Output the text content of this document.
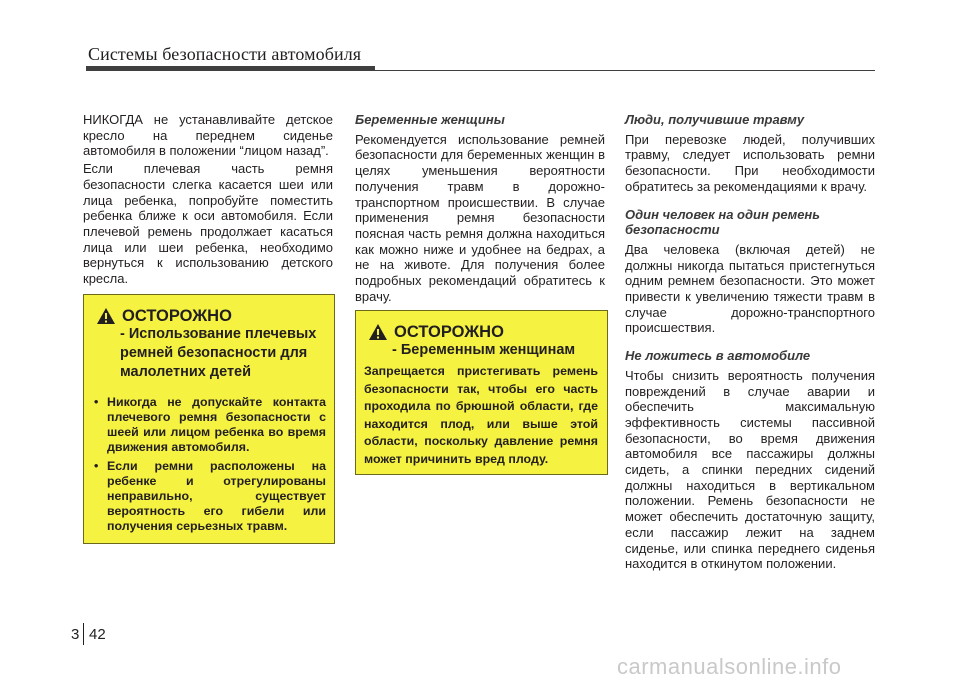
Системы безопасности автомобиля

НИКОГДА не устанавливайте детское кресло на переднем сиденье автомобиля в положении “лицом назад”.

Если плечевая часть ремня безопасности слегка касается шеи или лица ребенка, попробуйте поместить ребенка ближе к оси автомобиля. Если плечевой ремень продолжает касаться лица или шеи ребенка, необходимо вернуться к использованию детского кресла.

ОСТОРОЖНО
- Использование плечевых ремней безопасности для малолетних детей
• Никогда не допускайте контакта плечевого ремня безопасности с шеей или лицом ребенка во время движения автомобиля.
• Если ремни расположены на ребенке и отрегулированы неправильно, существует вероятность его гибели или получения серьезных травм.
Беременные женщины

Рекомендуется использование ремней безопасности для беременных женщин в целях уменьшения вероятности получения травм в дорожно-транспортном происшествии. В случае применения ремня безопасности поясная часть ремня должна находиться как можно ниже и удобнее на бедрах, а не на животе. Для получения более подробных рекомендаций обратитесь к врачу.

ОСТОРОЖНО
- Беременным женщинам
Запрещается пристегивать ремень безопасности так, чтобы его часть проходила по брюшной области, где находится плод, или выше этой области, поскольку давление ремня может причинить вред плоду.
Люди, получившие травму

При перевозке людей, получивших травму, следует использовать ремни безопасности. При необходимости обратитесь за рекомендациями к врачу.

Один человек на один ремень безопасности

Два человека (включая детей) не должны никогда пытаться пристегнуться одним ремнем безопасности. Это может привести к увеличению тяжести травм в случае дорожно-транспортного происшествия.

Не ложитесь в автомобиле

Чтобы снизить вероятность получения повреждений в случае аварии и обеспечить максимальную эффективность системы пассивной безопасности, во время движения автомобиля все пассажиры должны сидеть, а спинки передних сидений должны находиться в вертикальном положении. Ремень безопасности не может обеспечить достаточную защиту, если пассажир лежит на заднем сиденье, или спинка переднего сиденья находится в откинутом положении.

3 42
carmanualsonline.info
